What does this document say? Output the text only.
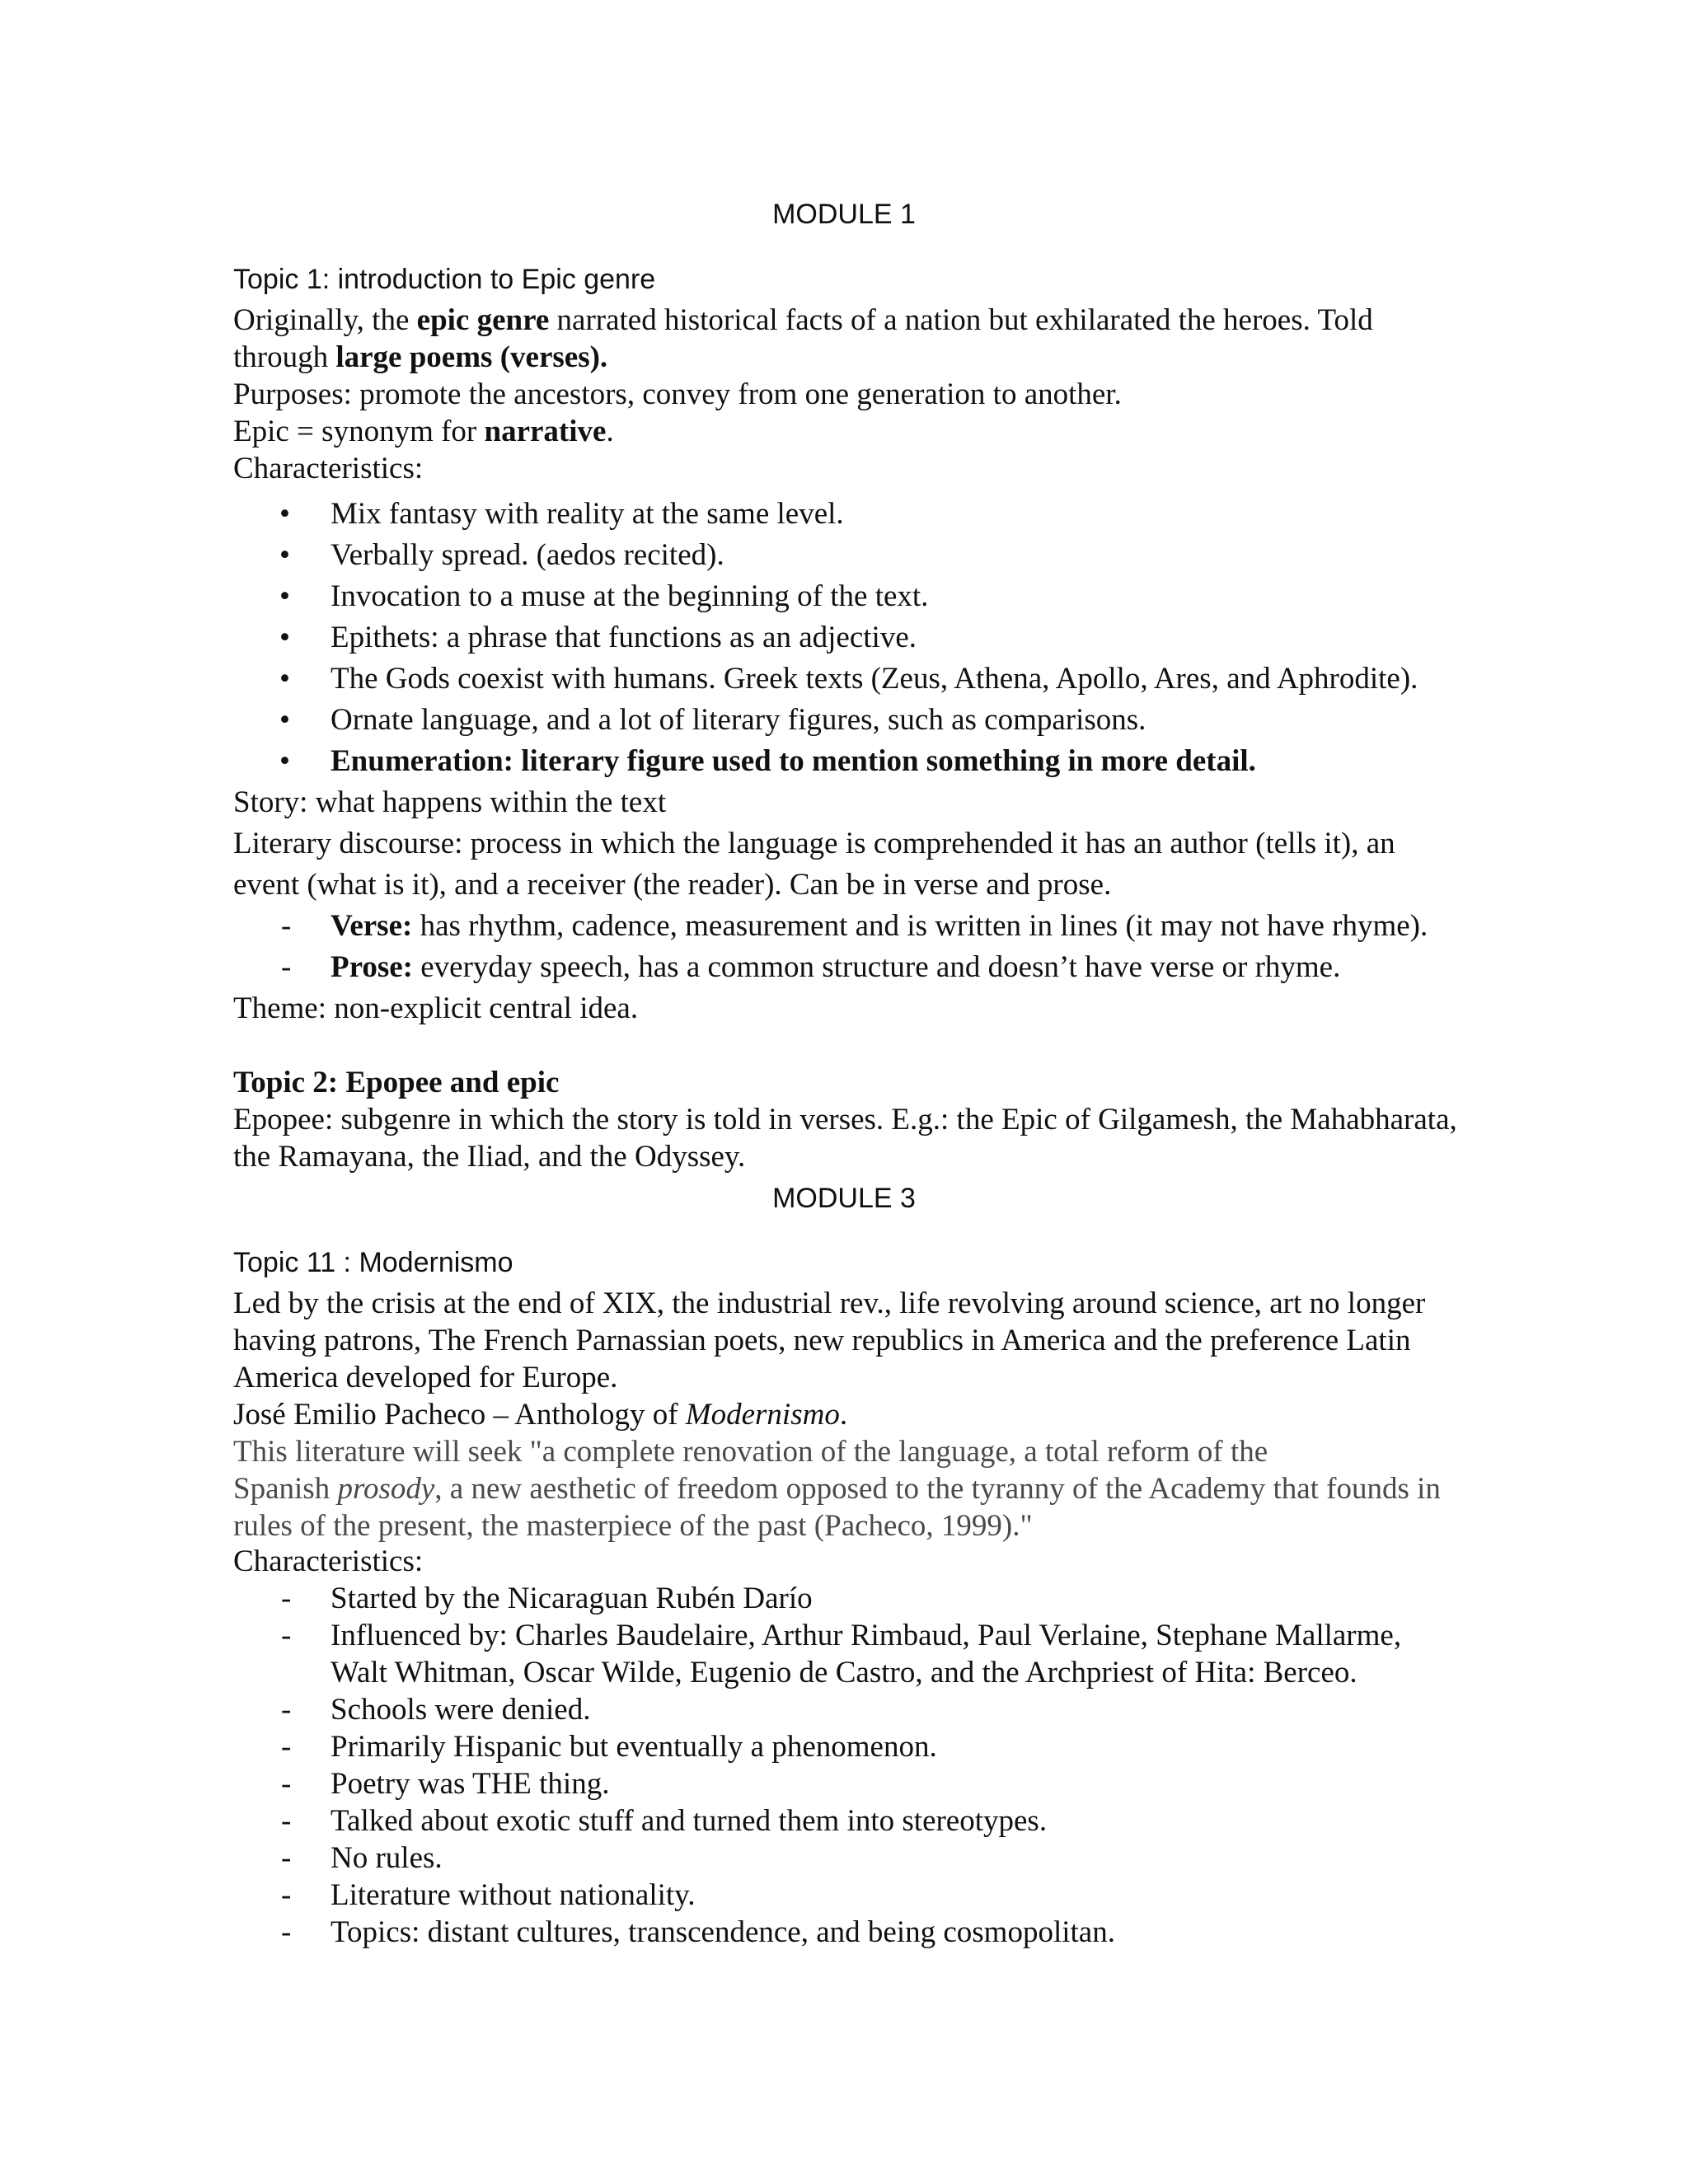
MODULE 1
Topic 1: introduction to Epic genre
Originally, the epic genre narrated historical facts of a nation but exhilarated the heroes. Told
through large poems (verses).
Purposes: promote the ancestors, convey from one generation to another.
Epic = synonym for narrative.
Characteristics:
• Mix fantasy with reality at the same level.
• Verbally spread. (aedos recited).
• Invocation to a muse at the beginning of the text.
• Epithets: a phrase that functions as an adjective.
• The Gods coexist with humans. Greek texts (Zeus, Athena, Apollo, Ares, and Aphrodite).
• Ornate language, and a lot of literary figures, such as comparisons.
• Enumeration: literary figure used to mention something in more detail.
Story: what happens within the text
Literary discourse: process in which the language is comprehended it has an author (tells it), an
event (what is it), and a receiver (the reader). Can be in verse and prose.
- Verse: has rhythm, cadence, measurement and is written in lines (it may not have rhyme).
- Prose: everyday speech, has a common structure and doesn’t have verse or rhyme.
Theme: non-explicit central idea.
Topic 2: Epopee and epic
Epopee: subgenre in which the story is told in verses. E.g.: the Epic of Gilgamesh, the Mahabharata,
the Ramayana, the Iliad, and the Odyssey.
MODULE 3
Topic 11 : Modernismo
Led by the crisis at the end of XIX, the industrial rev., life revolving around science, art no longer
having patrons, The French Parnassian poets, new republics in America and the preference Latin
America developed for Europe.
José Emilio Pacheco – Anthology of Modernismo.
This literature will seek "a complete renovation of the language, a total reform of the
Spanish prosody, a new aesthetic of freedom opposed to the tyranny of the Academy that founds in
rules of the present, the masterpiece of the past (Pacheco, 1999)."
Characteristics:
- Started by the Nicaraguan Rubén Darío
- Influenced by: Charles Baudelaire, Arthur Rimbaud, Paul Verlaine, Stephane Mallarme,
Walt Whitman, Oscar Wilde, Eugenio de Castro, and the Archpriest of Hita: Berceo.
- Schools were denied.
- Primarily Hispanic but eventually a phenomenon.
- Poetry was THE thing.
- Talked about exotic stuff and turned them into stereotypes.
- No rules.
- Literature without nationality.
- Topics: distant cultures, transcendence, and being cosmopolitan.
